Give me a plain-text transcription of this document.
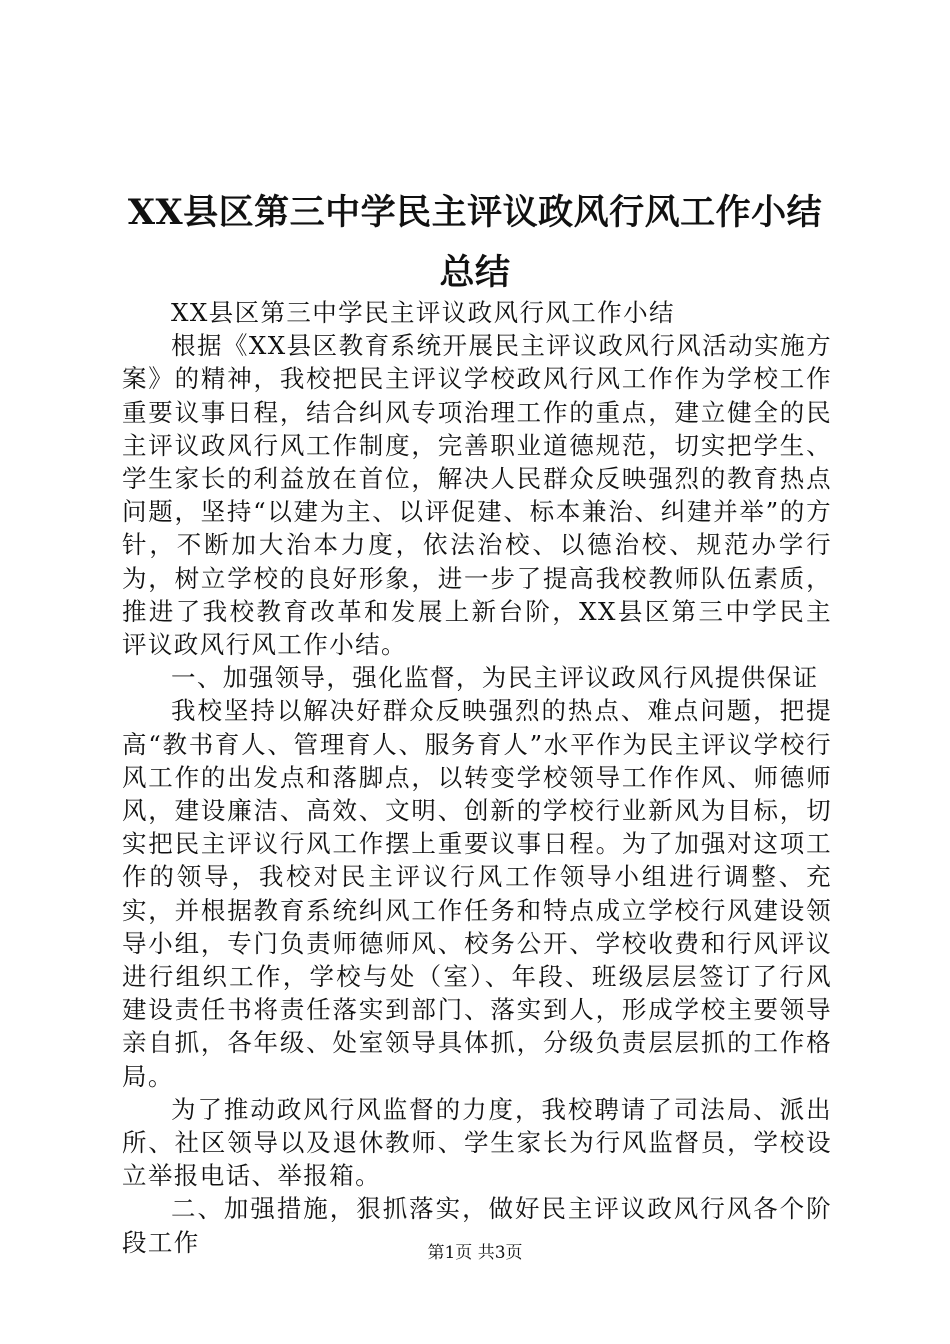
XX县区第三中学民主评议政风行风工作小结
总结

XX县区第三中学民主评议政风行风工作小结

根据《XX县区教育系统开展民主评议政风行风活动实施方案》的精神，我校把民主评议学校政风行风工作作为学校工作重要议事日程，结合纠风专项治理工作的重点，建立健全的民主评议政风行风工作制度，完善职业道德规范，切实把学生、学生家长的利益放在首位，解决人民群众反映强烈的教育热点问题，坚持“以建为主、以评促建、标本兼治、纠建并举”的方针，不断加大治本力度，依法治校、以德治校、规范办学行为，树立学校的良好形象，进一步了提高我校教师队伍素质，推进了我校教育改革和发展上新台阶，XX县区第三中学民主评议政风行风工作小结。

一、加强领导，强化监督，为民主评议政风行风提供保证

我校坚持以解决好群众反映强烈的热点、难点问题，把提高“教书育人、管理育人、服务育人”水平作为民主评议学校行风工作的出发点和落脚点，以转变学校领导工作作风、师德师风，建设廉洁、高效、文明、创新的学校行业新风为目标，切实把民主评议行风工作摆上重要议事日程。为了加强对这项工作的领导，我校对民主评议行风工作领导小组进行调整、充实，并根据教育系统纠风工作任务和特点成立学校行风建设领导小组，专门负责师德师风、校务公开、学校收费和行风评议进行组织工作，学校与处（室）、年段、班级层层签订了行风建设责任书将责任落实到部门、落实到人，形成学校主要领导亲自抓，各年级、处室领导具体抓，分级负责层层抓的工作格局。

为了推动政风行风监督的力度，我校聘请了司法局、派出所、社区领导以及退休教师、学生家长为行风监督员，学校设立举报电话、举报箱。

二、加强措施，狠抓落实，做好民主评议政风行风各个阶段工作	第1页 共3页
